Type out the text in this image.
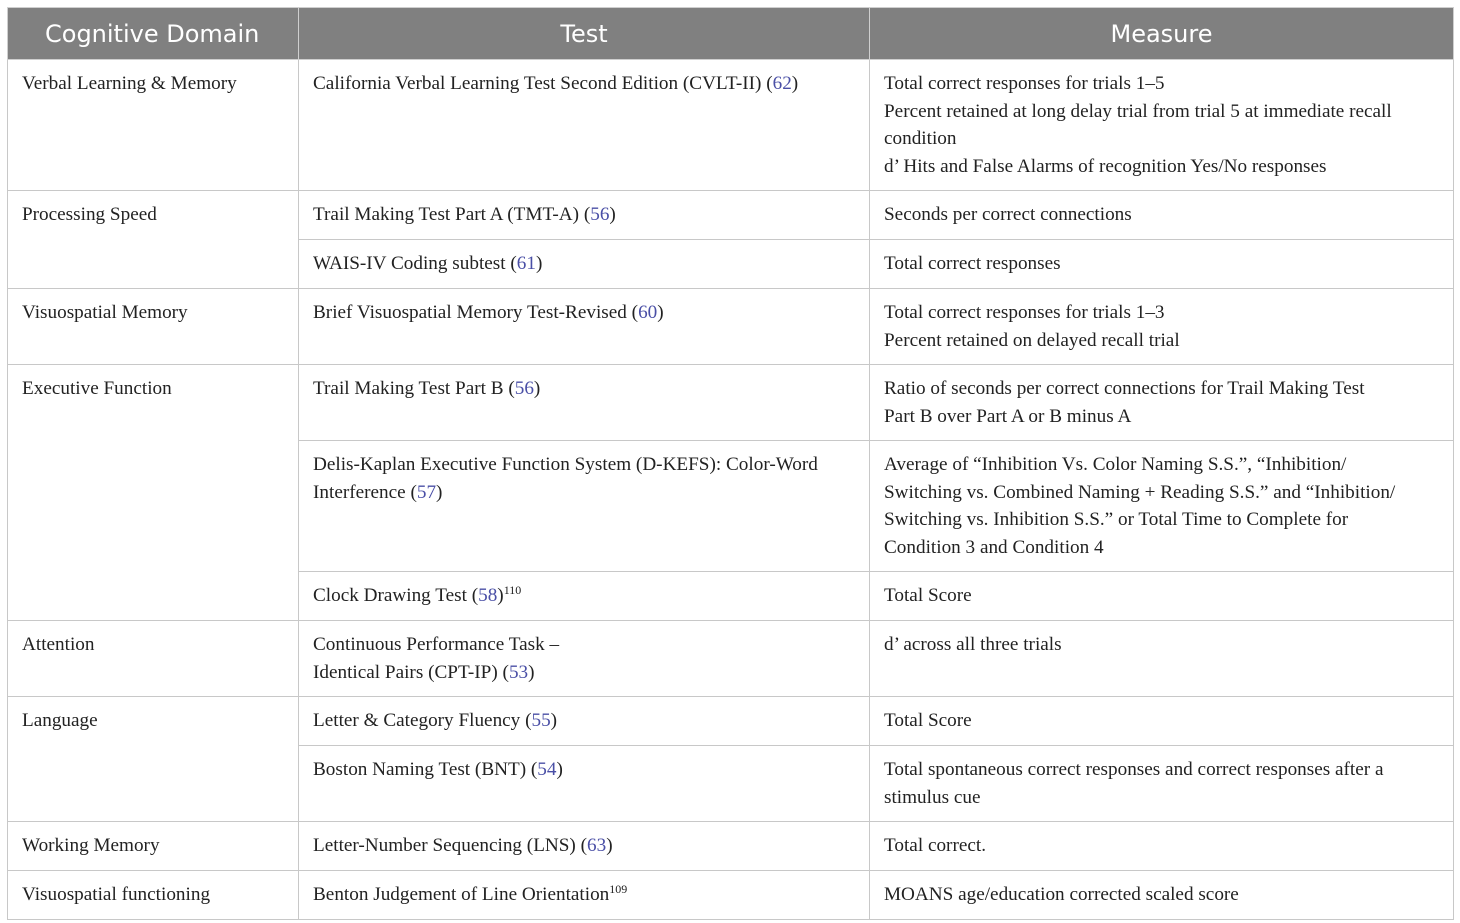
Cognitive Domain	Test	Measure
Verbal Learning & Memory	California Verbal Learning Test Second Edition (CVLT-II) (62)	Total correct responses for trials 1–5
Percent retained at long delay trial from trial 5 at immediate recall
condition
d’ Hits and False Alarms of recognition Yes/No responses

Processing Speed	Trail Making Test Part A (TMT-A) (56)	Seconds per correct connections

	WAIS-IV Coding subtest (61)	Total correct responses

Visuospatial Memory	Brief Visuospatial Memory Test-Revised (60)	Total correct responses for trials 1–3
Percent retained on delayed recall trial

Executive Function	Trail Making Test Part B (56)	Ratio of seconds per correct connections for Trail Making Test
Part B over Part A or B minus A

	Delis-Kaplan Executive Function System (D-KEFS): Color-Word
Interference (57)	Average of “Inhibition Vs. Color Naming S.S.”, “Inhibition/
Switching vs. Combined Naming + Reading S.S.” and “Inhibition/
Switching vs. Inhibition S.S.” or Total Time to Complete for
Condition 3 and Condition 4

	Clock Drawing Test $(58)^{110}$	Total Score

Attention	Continuous Performance Task –
Identical Pairs (CPT-IP) (53)	d’ across all three trials

Language	Letter & Category Fluency (55)	Total Score

	Boston Naming Test (BNT) (54)	Total spontaneous correct responses and correct responses after a
stimulus cue

Working Memory	Letter-Number Sequencing (LNS) (63)	Total correct.

Visuospatial functioning	Benton Judgement of Line Orientation$^{109}$	MOANS age/education corrected scaled score
